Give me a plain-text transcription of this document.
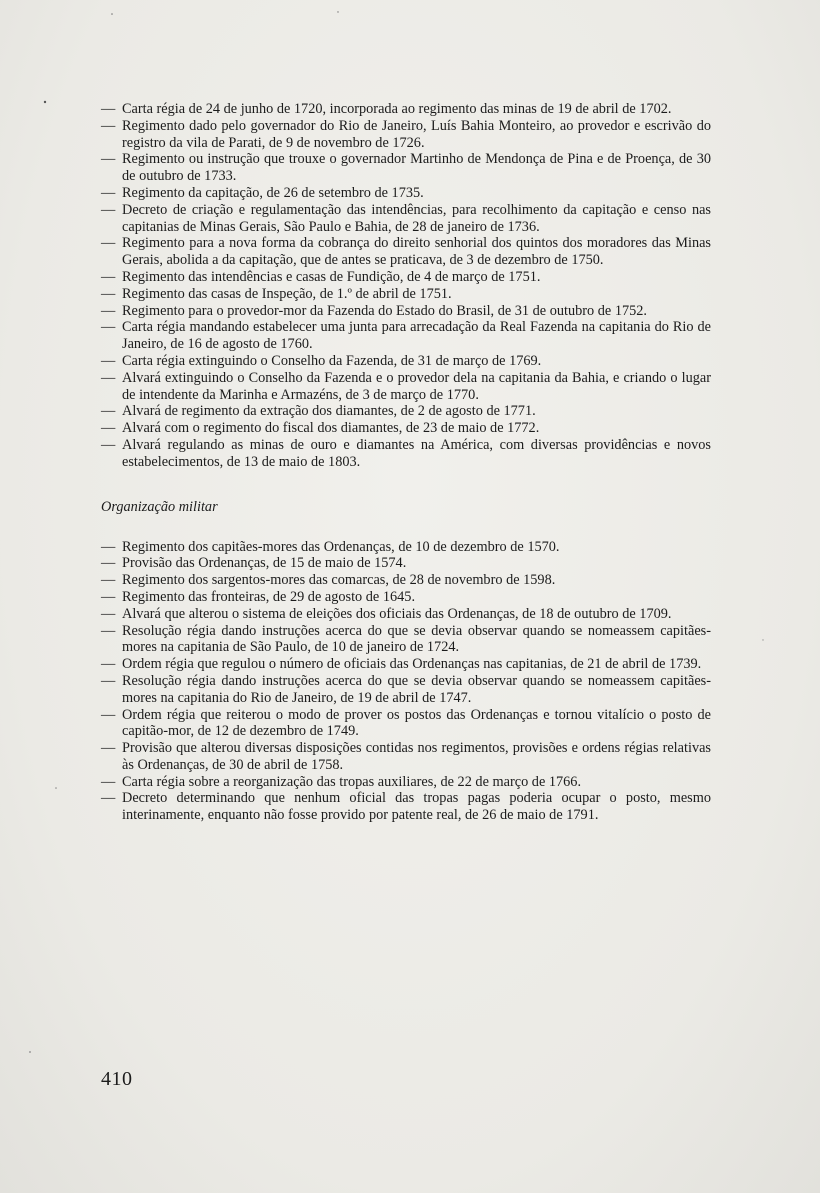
— Carta régia de 24 de junho de 1720, incorporada ao regimento das minas de 19 de abril de 1702.
— Regimento dado pelo governador do Rio de Janeiro, Luís Bahia Monteiro, ao provedor e escrivão do registro da vila de Parati, de 9 de novembro de 1726.
— Regimento ou instrução que trouxe o governador Martinho de Mendonça de Pina e de Proença, de 30 de outubro de 1733.
— Regimento da capitação, de 26 de setembro de 1735.
— Decreto de criação e regulamentação das intendências, para recolhimento da capitação e censo nas capitanias de Minas Gerais, São Paulo e Bahia, de 28 de janeiro de 1736.
— Regimento para a nova forma da cobrança do direito senhorial dos quintos dos moradores das Minas Gerais, abolida a da capitação, que de antes se praticava, de 3 de dezembro de 1750.
— Regimento das intendências e casas de Fundição, de 4 de março de 1751.
— Regimento das casas de Inspeção, de 1.º de abril de 1751.
— Regimento para o provedor-mor da Fazenda do Estado do Brasil, de 31 de outubro de 1752.
— Carta régia mandando estabelecer uma junta para arrecadação da Real Fazenda na capitania do Rio de Janeiro, de 16 de agosto de 1760.
— Carta régia extinguindo o Conselho da Fazenda, de 31 de março de 1769.
— Alvará extinguindo o Conselho da Fazenda e o provedor dela na capitania da Bahia, e criando o lugar de intendente da Marinha e Armazéns, de 3 de março de 1770.
— Alvará de regimento da extração dos diamantes, de 2 de agosto de 1771.
— Alvará com o regimento do fiscal dos diamantes, de 23 de maio de 1772.
— Alvará regulando as minas de ouro e diamantes na América, com diversas providências e novos estabelecimentos, de 13 de maio de 1803.
Organização militar
— Regimento dos capitães-mores das Ordenanças, de 10 de dezembro de 1570.
— Provisão das Ordenanças, de 15 de maio de 1574.
— Regimento dos sargentos-mores das comarcas, de 28 de novembro de 1598.
— Regimento das fronteiras, de 29 de agosto de 1645.
— Alvará que alterou o sistema de eleições dos oficiais das Ordenanças, de 18 de outubro de 1709.
— Resolução régia dando instruções acerca do que se devia observar quando se nomeassem capitães-mores na capitania de São Paulo, de 10 de janeiro de 1724.
— Ordem régia que regulou o número de oficiais das Ordenanças nas capitanias, de 21 de abril de 1739.
— Resolução régia dando instruções acerca do que se devia observar quando se nomeassem capitães-mores na capitania do Rio de Janeiro, de 19 de abril de 1747.
— Ordem régia que reiterou o modo de prover os postos das Ordenanças e tornou vitalício o posto de capitão-mor, de 12 de dezembro de 1749.
— Provisão que alterou diversas disposições contidas nos regimentos, provisões e ordens régias relativas às Ordenanças, de 30 de abril de 1758.
— Carta régia sobre a reorganização das tropas auxiliares, de 22 de março de 1766.
— Decreto determinando que nenhum oficial das tropas pagas poderia ocupar o posto, mesmo interinamente, enquanto não fosse provido por patente real, de 26 de maio de 1791.
410
